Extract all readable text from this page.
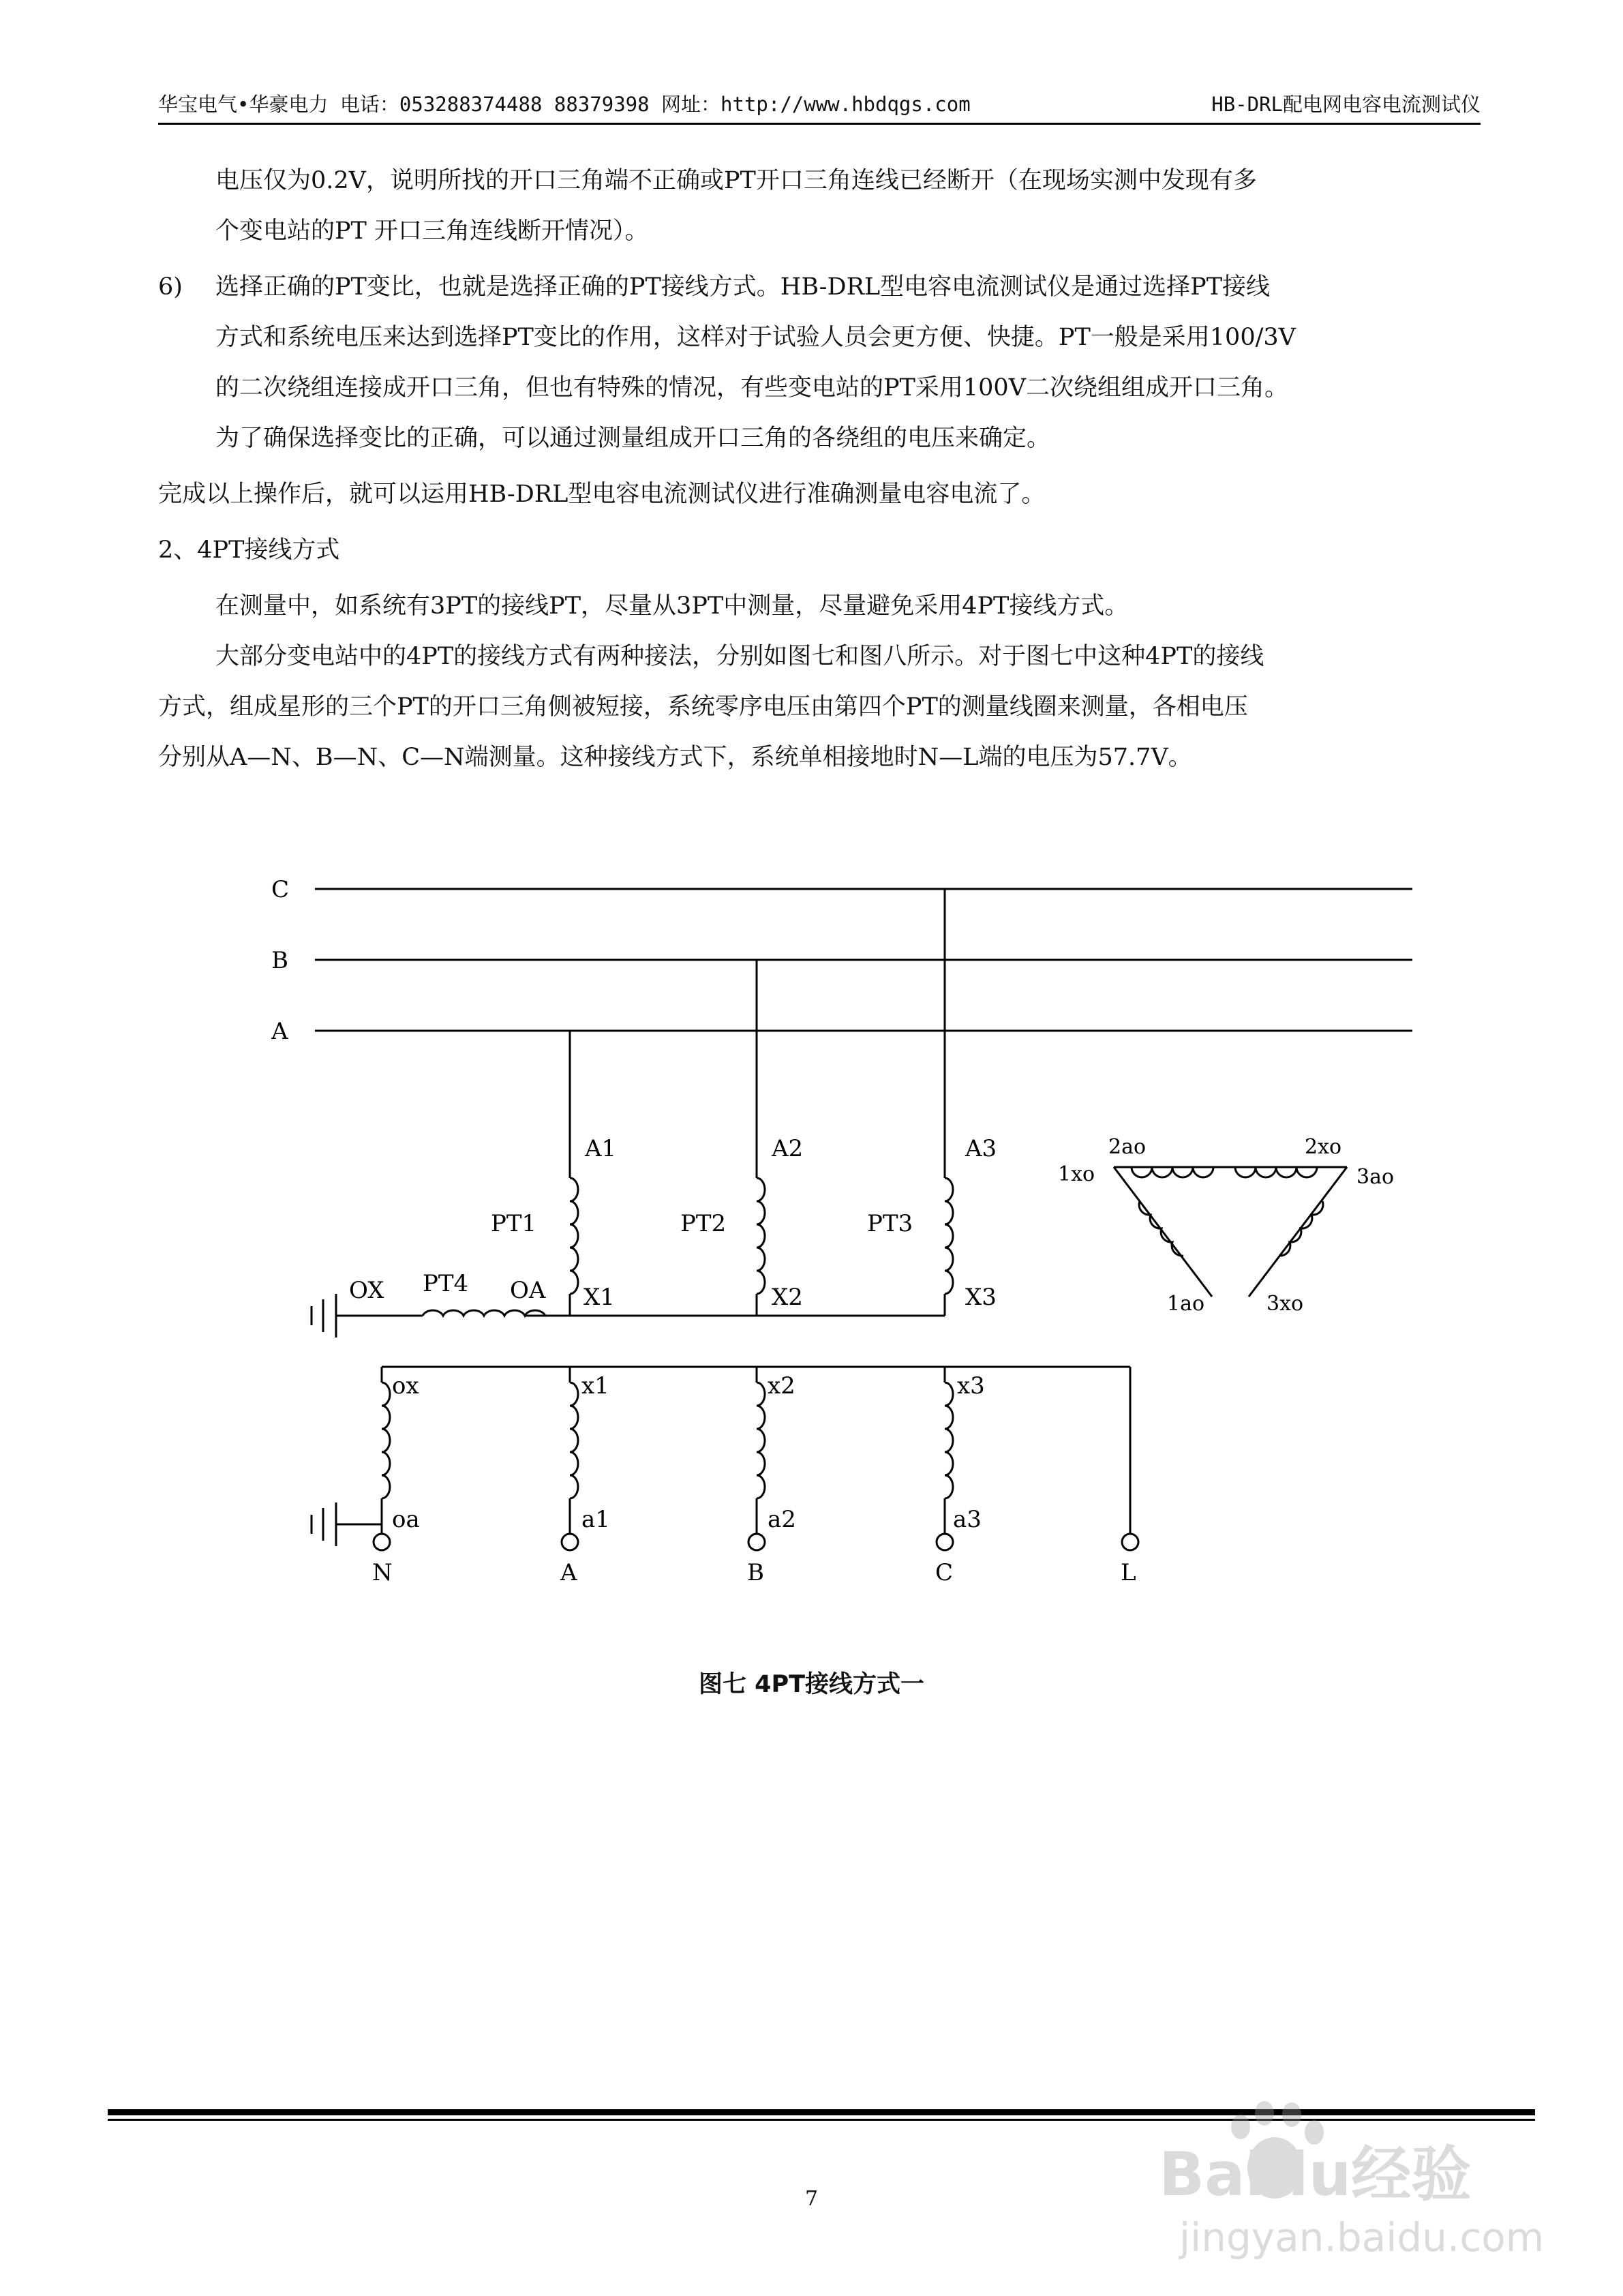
华宝电气•华豪电力 电话：053288374488 88379398 网址：http://www.hbdqgs.com	HB-DRL配电网电容电流测试仪

电压仅为0.2V，说明所找的开口三角端不正确或PT开口三角连线已经断开（在现场实测中发现有多
个变电站的PT 开口三角连线断开情况）。

6) 选择正确的PT变比，也就是选择正确的PT接线方式。HB-DRL型电容电流测试仪是通过选择PT接线
方式和系统电压来达到选择PT变比的作用，这样对于试验人员会更方便、快捷。PT一般是采用100/3V
的二次绕组连接成开口三角，但也有特殊的情况，有些变电站的PT采用100V二次绕组组成开口三角。
为了确保选择变比的正确，可以通过测量组成开口三角的各绕组的电压来确定。

完成以上操作后，就可以运用HB-DRL型电容电流测试仪进行准确测量电容电流了。

2、4PT接线方式

在测量中，如系统有3PT的接线PT，尽量从3PT中测量，尽量避免采用4PT接线方式。

大部分变电站中的4PT的接线方式有两种接法，分别如图七和图八所示。对于图七中这种4PT的接线

方式，组成星形的三个PT的开口三角侧被短接，系统零序电压由第四个PT的测量线圈来测量，各相电压
分别从A—N、B—N、C—N端测量。这种接线方式下，系统单相接地时N—L端的电压为57.7V。

C
B
A
A1	A2	A3
PT1	PT2	PT3
PT4	X1	X2	X3
OX	OA
ox	x1	x2	x3
oa	a1	a2	a3
N	A	B	C	L
2ao	2xo
1xo	3ao
1ao	3xo
图七 4PT接线方式一
7	Baidu经验
jingyan.baidu.com
